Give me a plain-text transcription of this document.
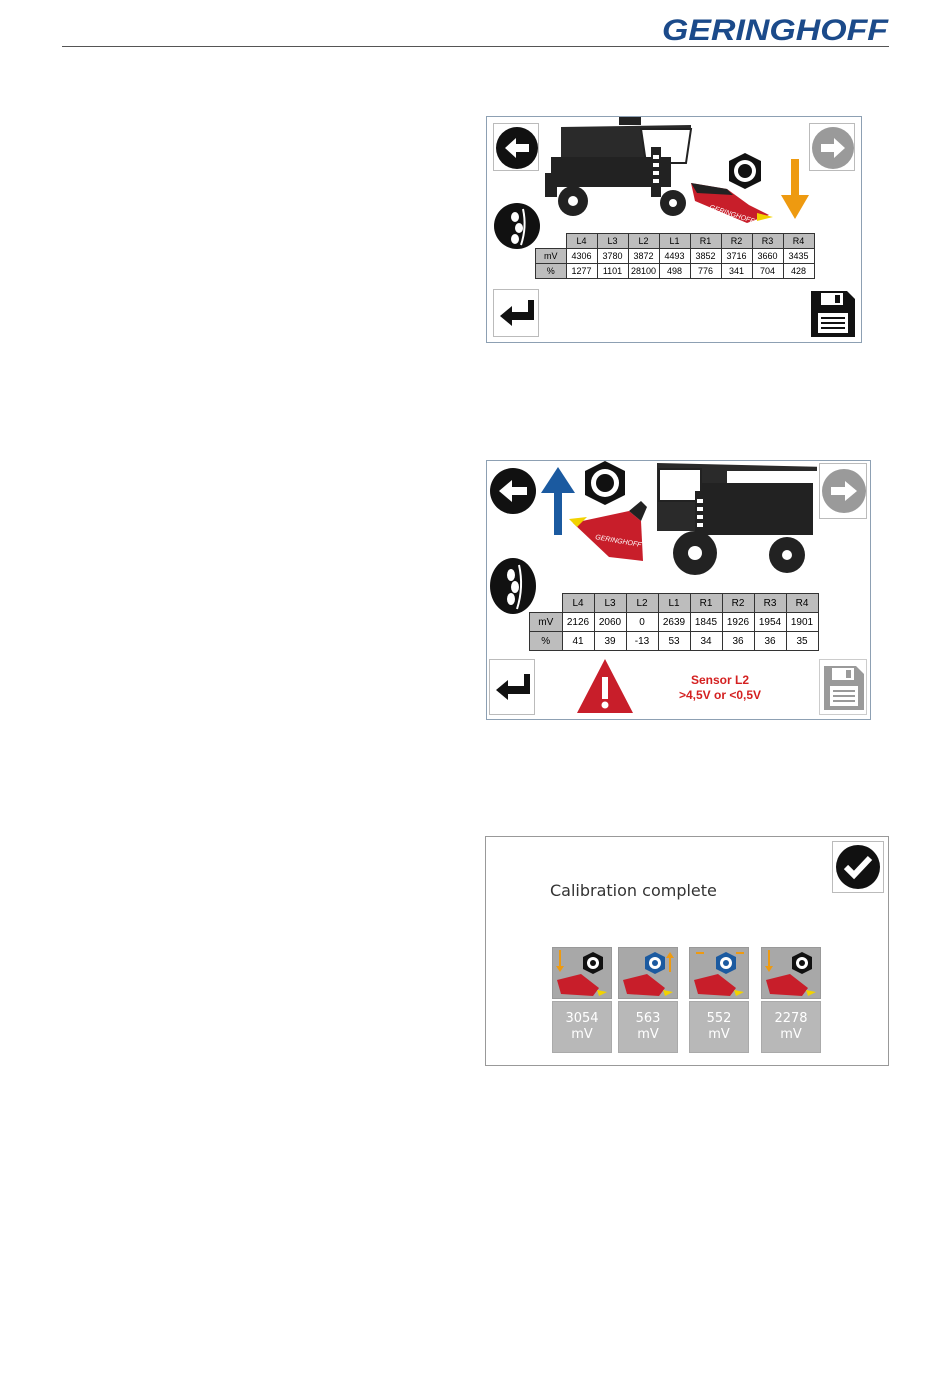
GERINGHOFF
GERINGHOFF
	L4	L3	L2	L1	R1	R2	R3	R4
mV	4306	3780	3872	4493	3852	3716	3660	3435
%	1277	1101	28100	498	776	341	704	428
GERINGHOFF
	L4	L3	L2	L1	R1	R2	R3	R4
mV	2126	2060	0	2639	1845	1926	1954	1901
%	41	39	-13	53	34	36	36	35
Sensor L2
>4,5V or <0,5V
Calibration complete
3054
mV
563
mV
552
mV
2278
mV
